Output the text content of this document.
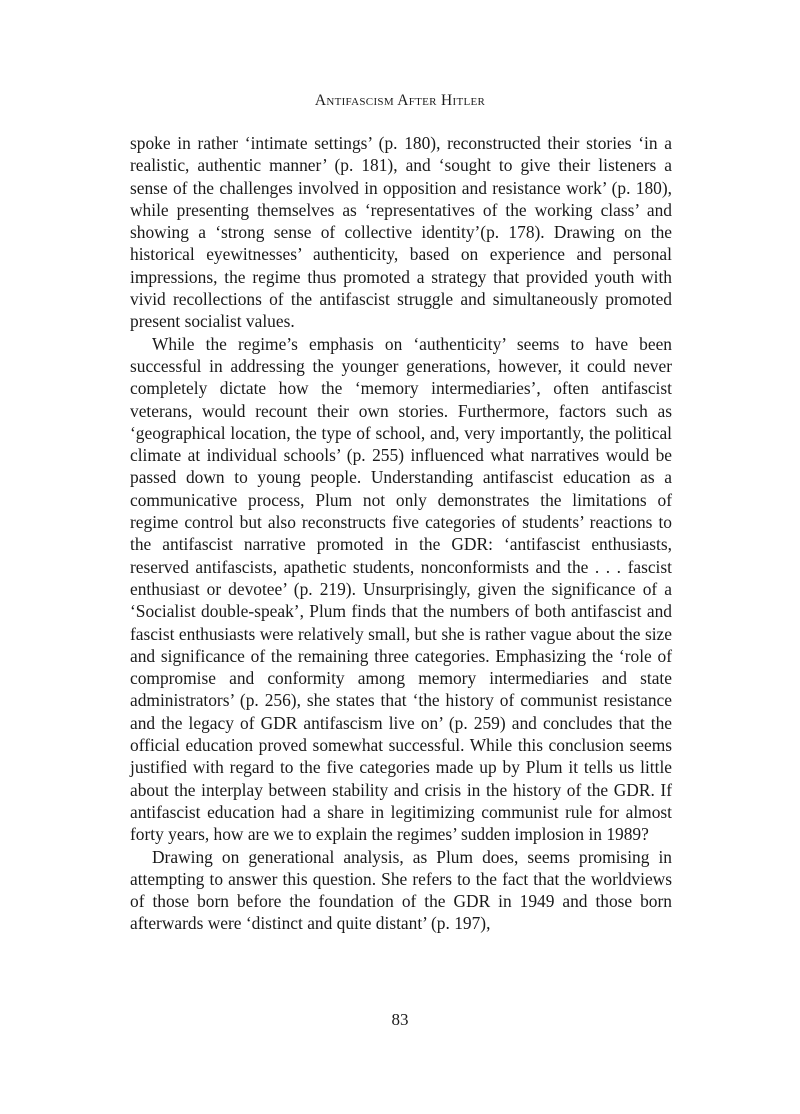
Antifascism After Hitler

spoke in rather ‘intimate settings’ (p. 180), reconstructed their stories ‘in a realistic, authentic manner’ (p. 181), and ‘sought to give their listeners a sense of the challenges involved in opposition and resistance work’ (p. 180), while presenting themselves as ‘representatives of the working class’ and showing a ‘strong sense of collective identity’(p. 178). Drawing on the historical eyewitnesses’ authenticity, based on experience and personal impressions, the regime thus promoted a strategy that provided youth with vivid recollections of the antifascist struggle and simultaneously promoted present socialist values.

While the regime’s emphasis on ‘authenticity’ seems to have been successful in addressing the younger generations, however, it could never completely dictate how the ‘memory intermediaries’, often antifascist veterans, would recount their own stories. Furthermore, factors such as ‘geographical location, the type of school, and, very importantly, the political climate at individual schools’ (p. 255) influenced what narratives would be passed down to young people. Understanding antifascist education as a communicative process, Plum not only demonstrates the limitations of regime control but also reconstructs five categories of students’ reactions to the antifascist narrative promoted in the GDR: ‘antifascist enthusiasts, reserved antifascists, apathetic students, nonconformists and the . . . fascist enthusiast or devotee’ (p. 219). Unsurprisingly, given the significance of a ‘Socialist double-speak’, Plum finds that the numbers of both antifascist and fascist enthusiasts were relatively small, but she is rather vague about the size and significance of the remaining three categories. Emphasizing the ‘role of compromise and conformity among memory intermediaries and state administrators’ (p. 256), she states that ‘the history of communist resistance and the legacy of GDR antifascism live on’ (p. 259) and concludes that the official education proved somewhat successful. While this conclusion seems justified with regard to the five categories made up by Plum it tells us little about the interplay between stability and crisis in the history of the GDR. If antifascist education had a share in legitimizing communist rule for almost forty years, how are we to explain the regimes’ sudden implosion in 1989?

Drawing on generational analysis, as Plum does, seems promising in attempting to answer this question. She refers to the fact that the worldviews of those born before the foundation of the GDR in 1949 and those born afterwards were ‘distinct and quite distant’ (p. 197),

83
